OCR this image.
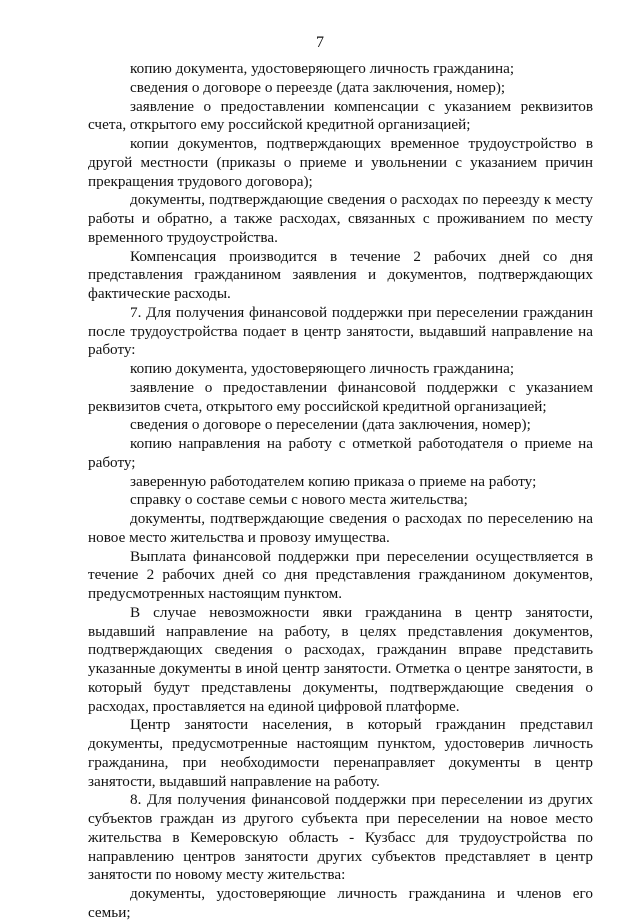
7

копию документа, удостоверяющего личность гражданина;

сведения о договоре о переезде (дата заключения, номер);

заявление о предоставлении компенсации с указанием реквизитов счета, открытого ему российской кредитной организацией;

копии документов, подтверждающих временное трудоустройство в другой местности (приказы о приеме и увольнении с указанием причин прекращения трудового договора);

документы, подтверждающие сведения о расходах по переезду к месту работы и обратно, а также расходах, связанных с проживанием по месту временного трудоустройства.

Компенсация производится в течение 2 рабочих дней со дня представления гражданином заявления и документов, подтверждающих фактические расходы.

7. Для получения финансовой поддержки при переселении гражданин после трудоустройства подает в центр занятости, выдавший направление на работу:

копию документа, удостоверяющего личность гражданина;

заявление о предоставлении финансовой поддержки с указанием реквизитов счета, открытого ему российской кредитной организацией;

сведения о договоре о переселении (дата заключения, номер);

копию направления на работу с отметкой работодателя о приеме на работу;

заверенную работодателем копию приказа о приеме на работу;

справку о составе семьи с нового места жительства;

документы, подтверждающие сведения о расходах по переселению на новое место жительства и провозу имущества.

Выплата финансовой поддержки при переселении осуществляется в течение 2 рабочих дней со дня представления гражданином документов, предусмотренных настоящим пунктом.

В случае невозможности явки гражданина в центр занятости, выдавший направление на работу, в целях представления документов, подтверждающих сведения о расходах, гражданин вправе представить указанные документы в иной центр занятости. Отметка о центре занятости, в который будут представлены документы, подтверждающие сведения о расходах, проставляется на единой цифровой платформе.

Центр занятости населения, в который гражданин представил документы, предусмотренные настоящим пунктом, удостоверив личность гражданина, при необходимости перенаправляет документы в центр занятости, выдавший направление на работу.

8. Для получения финансовой поддержки при переселении из других субъектов граждан из другого субъекта при переселении на новое место жительства в Кемеровскую область - Кузбасс для трудоустройства по направлению центров занятости других субъектов представляет в центр занятости по новому месту жительства:

документы, удостоверяющие личность гражданина и членов его семьи;
